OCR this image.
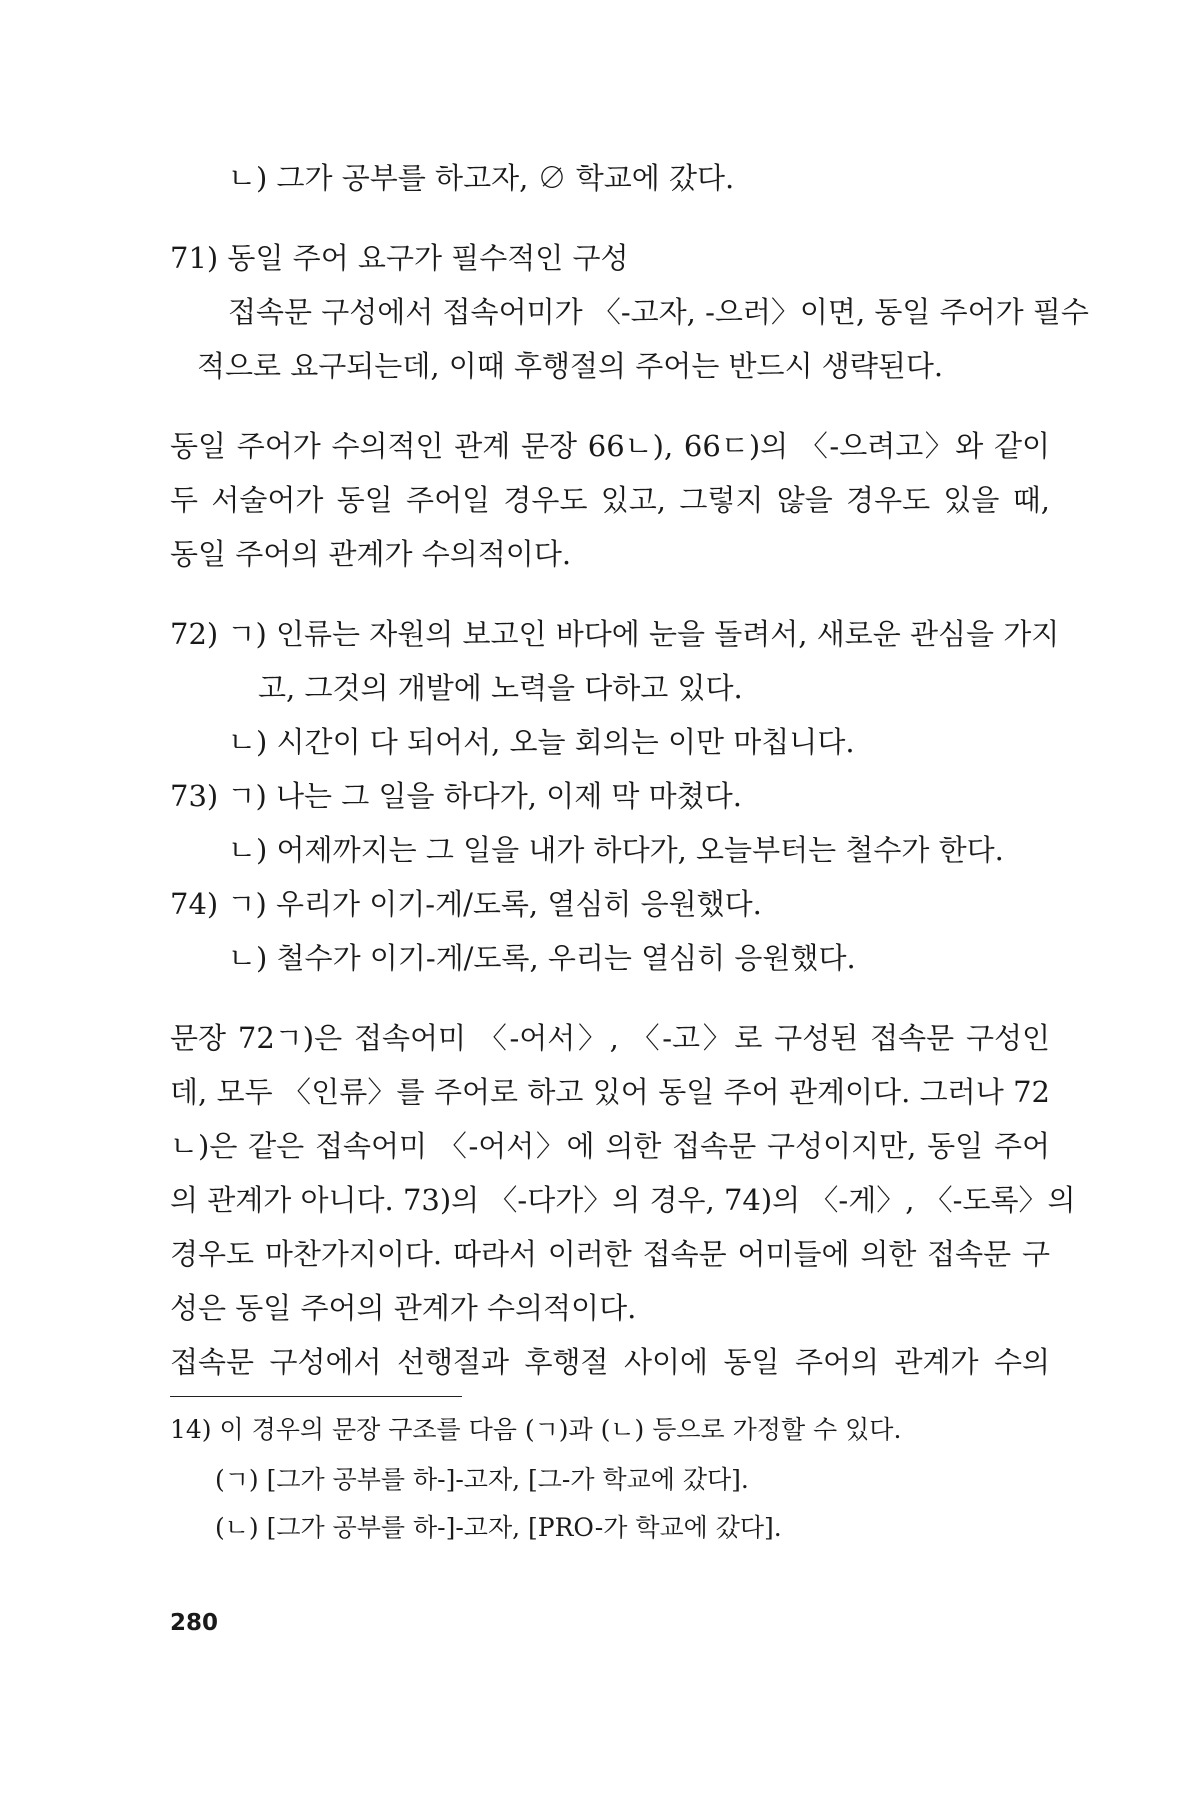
ㄴ) 그가 공부를 하고자, ∅ 학교에 갔다.
71) 동일 주어 요구가 필수적인 구성
접속문 구성에서 접속어미가 〈-고자, -으러〉이면, 동일 주어가 필수
적으로 요구되는데, 이때 후행절의 주어는 반드시 생략된다.
동일 주어가 수의적인 관계 문장 66ㄴ), 66ㄷ)의 〈-으려고〉와 같이
두 서술어가 동일 주어일 경우도 있고, 그렇지 않을 경우도 있을 때,
동일 주어의 관계가 수의적이다.
72) ㄱ) 인류는 자원의 보고인 바다에 눈을 돌려서, 새로운 관심을 가지
고, 그것의 개발에 노력을 다하고 있다.
ㄴ) 시간이 다 되어서, 오늘 회의는 이만 마칩니다.
73) ㄱ) 나는 그 일을 하다가, 이제 막 마쳤다.
ㄴ) 어제까지는 그 일을 내가 하다가, 오늘부터는 철수가 한다.
74) ㄱ) 우리가 이기-게/도록, 열심히 응원했다.
ㄴ) 철수가 이기-게/도록, 우리는 열심히 응원했다.
문장 72ㄱ)은 접속어미 〈-어서〉, 〈-고〉로 구성된 접속문 구성인
데, 모두 〈인류〉를 주어로 하고 있어 동일 주어 관계이다. 그러나 72
ㄴ)은 같은 접속어미 〈-어서〉에 의한 접속문 구성이지만, 동일 주어
의 관계가 아니다. 73)의 〈-다가〉의 경우, 74)의 〈-게〉, 〈-도록〉의
경우도 마찬가지이다. 따라서 이러한 접속문 어미들에 의한 접속문 구
성은 동일 주어의 관계가 수의적이다.
접속문 구성에서 선행절과 후행절 사이에 동일 주어의 관계가 수의
14) 이 경우의 문장 구조를 다음 (ㄱ)과 (ㄴ) 등으로 가정할 수 있다.
(ㄱ) [그가 공부를 하-]-고자, [그-가 학교에 갔다].
(ㄴ) [그가 공부를 하-]-고자, [PRO-가 학교에 갔다].
280
